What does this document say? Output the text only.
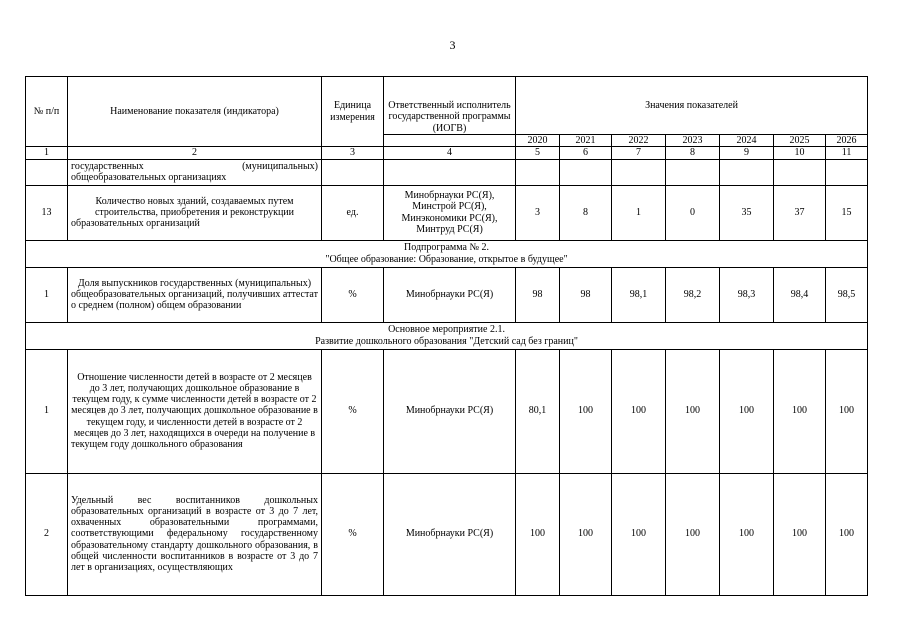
3
№ п/п	Наименование показателя (индикатора)	Единица измерения	Ответственный исполнитель государственной программы (ИОГВ)	Значения показателей						
				2020	2021	2022	2023	2024	2025	2026
1	2	3	4	5	6	7	8	9	10	11
	государственных (муниципальных) общеобразовательных организациях									
13	Количество новых зданий, создаваемых путем строительства, приобретения и реконструкции образовательных организаций	ед.	Минобрнауки РС(Я), Минстрой РС(Я), Минэкономики РС(Я), Минтруд РС(Я)	3	8	1	0	35	37	15

Подпрограмма № 2.
"Общее образование: Образование, открытое в будущее"										

1	Доля выпускников государственных (муниципальных) общеобразовательных организаций, получивших аттестат о среднем (полном) общем образовании	%	Минобрнауки РС(Я)	98	98	98,1	98,2	98,3	98,4	98,5

Основное мероприятие 2.1.
Развитие дошкольного образования "Детский сад без границ"										

1	Отношение численности детей в возрасте от 2 месяцев до 3 лет, получающих дошкольное образование в текущем году, к сумме численности детей в возрасте от 2 месяцев до 3 лет, получающих дошкольное образование в текущем году, и численности детей в возрасте от 2 месяцев до 3 лет, находящихся в очереди на получение в текущем году дошкольного образования	%	Минобрнауки РС(Я)	80,1	100	100	100	100	100	100
2	Удельный вес воспитанников дошкольных образовательных организаций в возрасте от 3 до 7 лет, охваченных образовательными программами, соответствующими федеральному государственному образовательному стандарту дошкольного образования, в общей численности воспитанников в возрасте от 3 до 7 лет в организациях, осуществляющих	%	Минобрнауки РС(Я)	100	100	100	100	100	100	100
